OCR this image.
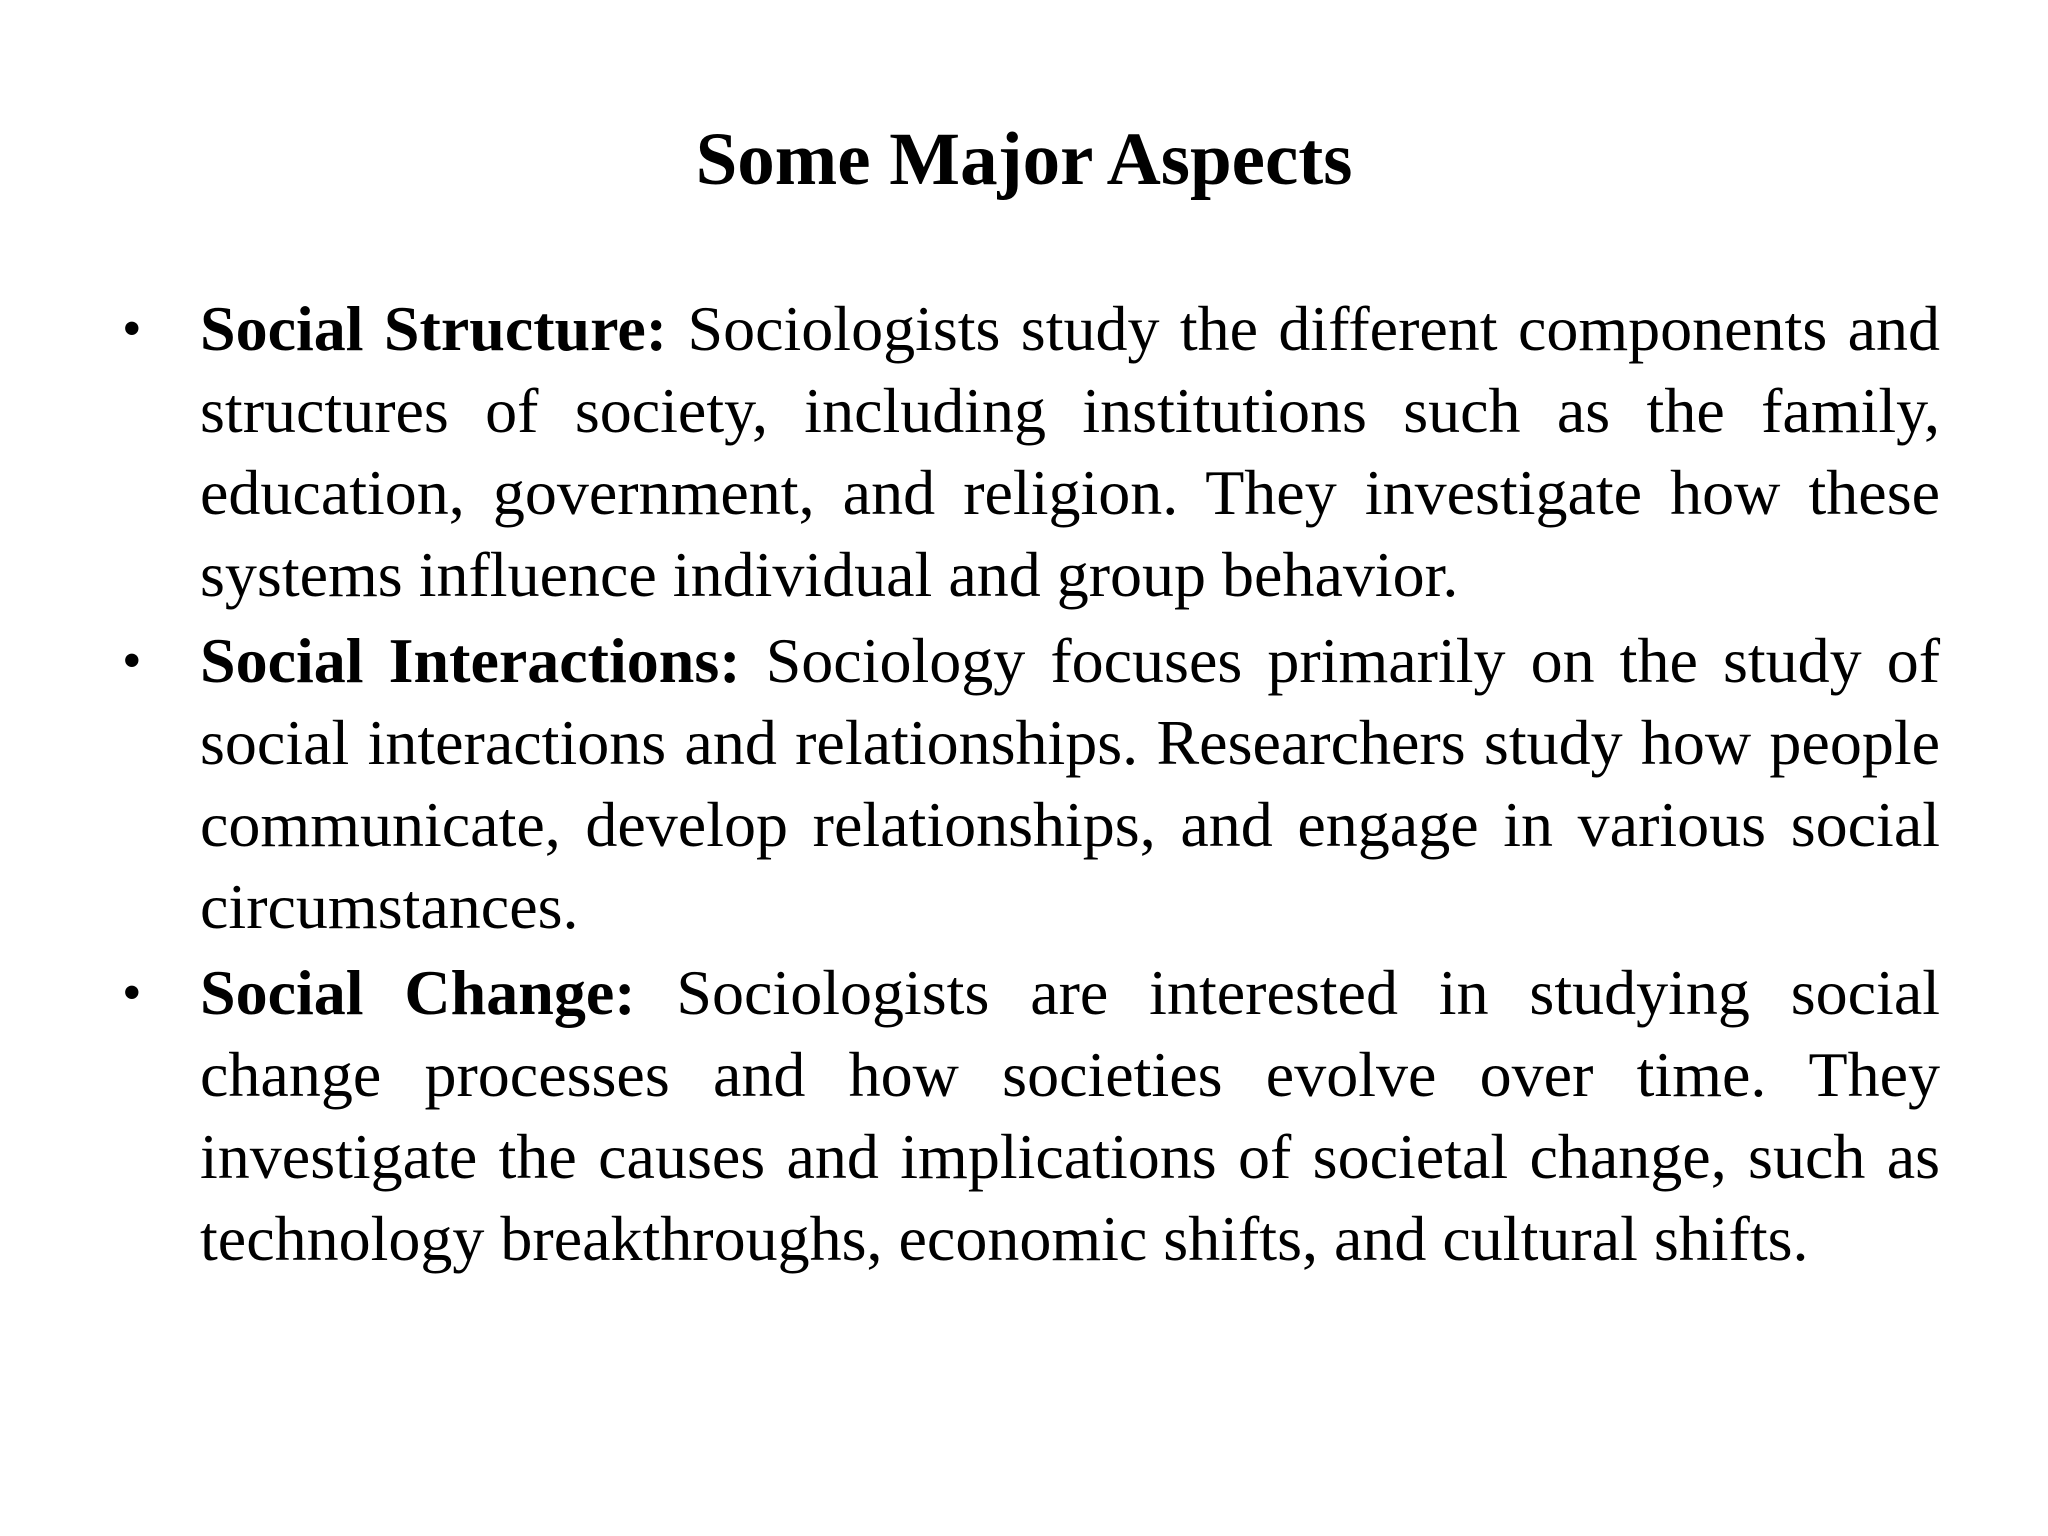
Some Major Aspects
• Social Structure: Sociologists study the different components and structures of society, including institutions such as the family, education, government, and religion. They investigate how these systems influence individual and group behavior.
• Social Interactions: Sociology focuses primarily on the study of social interactions and relationships. Researchers study how people communicate, develop relationships, and engage in various social circumstances.
• Social Change: Sociologists are interested in studying social change processes and how societies evolve over time. They investigate the causes and implications of societal change, such as technology breakthroughs, economic shifts, and cultural shifts.
